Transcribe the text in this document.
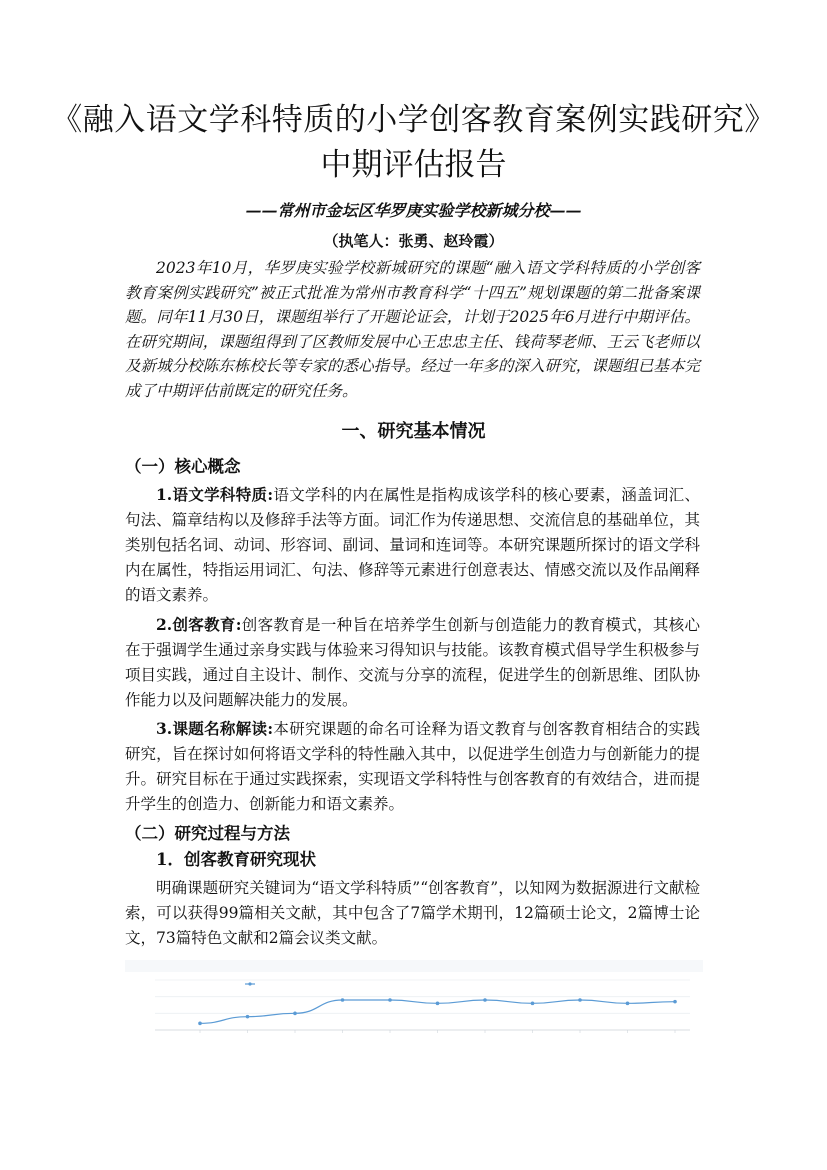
《融入语文学科特质的小学创客教育案例实践研究》
中期评估报告
——常州市金坛区华罗庚实验学校新城分校——
（执笔人：张勇、赵玲霞）

2023年10月，华罗庚实验学校新城研究的课题“融入语文学科特质的小学创客教育案例实践研究”被正式批准为常州市教育科学“十四五”规划课题的第二批备案课题。同年11月30日，课题组举行了开题论证会，计划于2025年6月进行中期评估。在研究期间，课题组得到了区教师发展中心王忠忠主任、钱荷琴老师、王云飞老师以及新城分校陈东栋校长等专家的悉心指导。经过一年多的深入研究，课题组已基本完成了中期评估前既定的研究任务。

一、研究基本情况
（一）核心概念

1.语文学科特质:语文学科的内在属性是指构成该学科的核心要素，涵盖词汇、句法、篇章结构以及修辞手法等方面。词汇作为传递思想、交流信息的基础单位，其类别包括名词、动词、形容词、副词、量词和连词等。本研究课题所探讨的语文学科内在属性，特指运用词汇、句法、修辞等元素进行创意表达、情感交流以及作品阐释的语文素养。

2.创客教育:创客教育是一种旨在培养学生创新与创造能力的教育模式，其核心在于强调学生通过亲身实践与体验来习得知识与技能。该教育模式倡导学生积极参与项目实践，通过自主设计、制作、交流与分享的流程，促进学生的创新思维、团队协作能力以及问题解决能力的发展。

3.课题名称解读:本研究课题的命名可诠释为语文教育与创客教育相结合的实践研究，旨在探讨如何将语文学科的特性融入其中，以促进学生创造力与创新能力的提升。研究目标在于通过实践探索，实现语文学科特性与创客教育的有效结合，进而提升学生的创造力、创新能力和语文素养。

（二）研究过程与方法
1．创客教育研究现状

明确课题研究关键词为“语文学科特质”“创客教育”，以知网为数据源进行文献检索，可以获得99篇相关文献，其中包含了7篇学术期刊，12篇硕士论文，2篇博士论文，73篇特色文献和2篇会议类文献。
